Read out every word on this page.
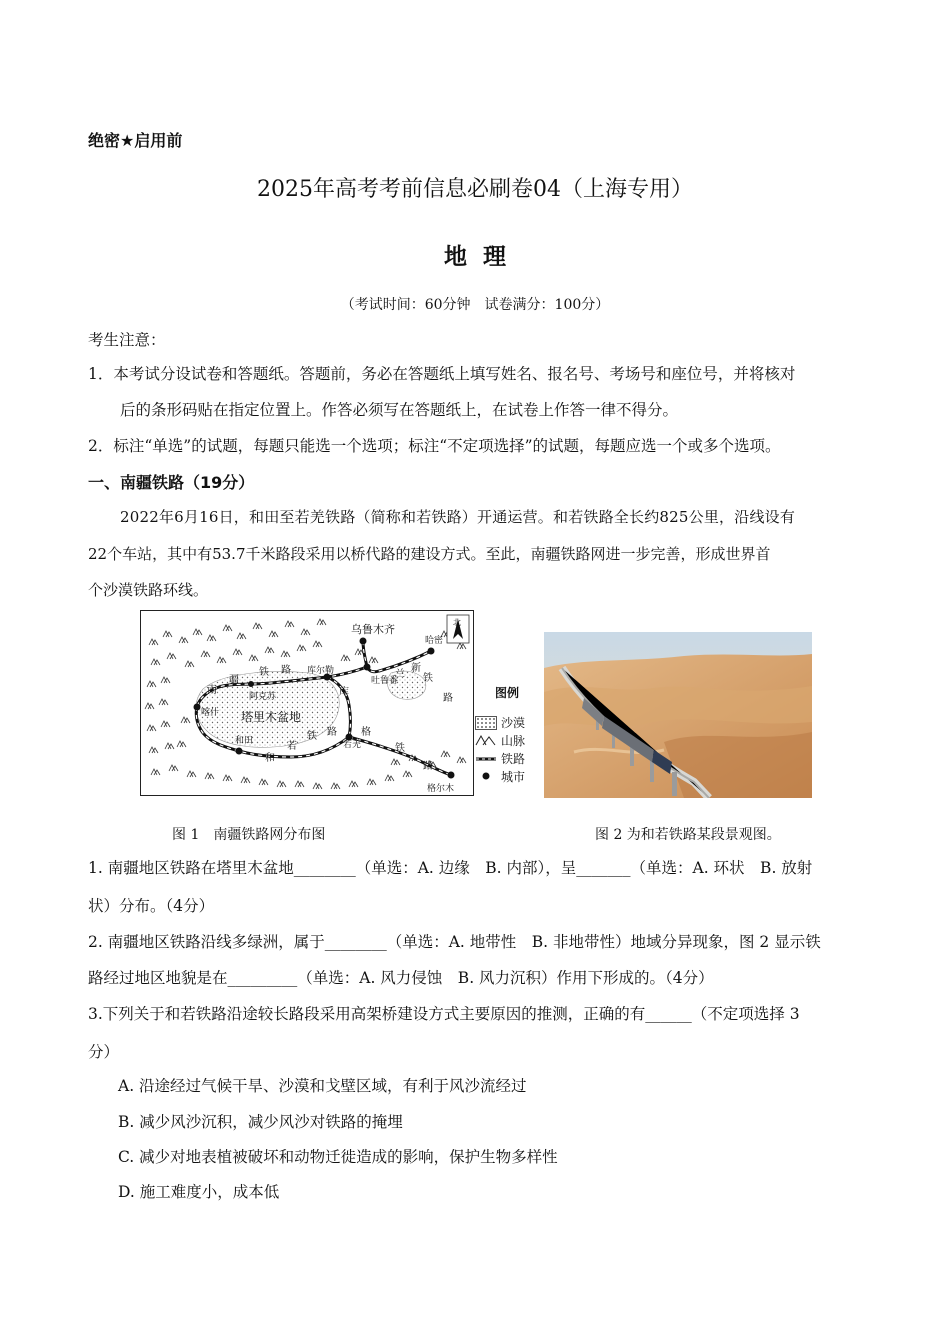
绝密★启用前
2025年高考考前信息必刷卷04（上海专用）
地理
（考试时间：60分钟　试卷满分：100分）
考生注意：
1．本考试分设试卷和答题纸。答题前，务必在答题纸上填写姓名、报名号、考场号和座位号，并将核对
后的条形码贴在指定位置上。作答必须写在答题纸上，在试卷上作答一律不得分。
2．标注“单选”的试题，每题只能选一个选项；标注“不定项选择”的试题，每题应选一个或多个选项。
一、南疆铁路（19分）
2022年6月16日，和田至若羌铁路（简称和若铁路）开通运营。和若铁路全长约825公里，沿线设有
22个车站，其中有53.7千米路段采用以桥代路的建设方式。至此，南疆铁路网进一步完善，形成世界首
个沙漠铁路环线。
乌鲁木齐
吐鲁番
哈密
库尔勒
阿克苏
喀什
和田	若羌
格尔木
塔里木盆地
南
疆
铁 路	兰
新
铁
路
库
格
铁
路
和
若
铁 路
北
图例
沙漠
山脉
铁路
城市
图 1　南疆铁路网分布图	图 2 为和若铁路某段景观图。
1. 南疆地区铁路在塔里木盆地________（单选：A. 边缘　B. 内部），呈_______（单选：A. 环状　B. 放射
状）分布。（4分）
2. 南疆地区铁路沿线多绿洲，属于________（单选：A. 地带性　B. 非地带性）地域分异现象，图 2 显示铁
路经过地区地貌是在_________（单选：A. 风力侵蚀　B. 风力沉积）作用下形成的。（4分）
3.下列关于和若铁路沿途较长路段采用高架桥建设方式主要原因的推测，正确的有______（不定项选择 3
分）
A. 沿途经过气候干旱、沙漠和戈壁区域，有利于风沙流经过
B. 减少风沙沉积，减少风沙对铁路的掩埋
C. 减少对地表植被破坏和动物迁徙造成的影响，保护生物多样性
D. 施工难度小，成本低
